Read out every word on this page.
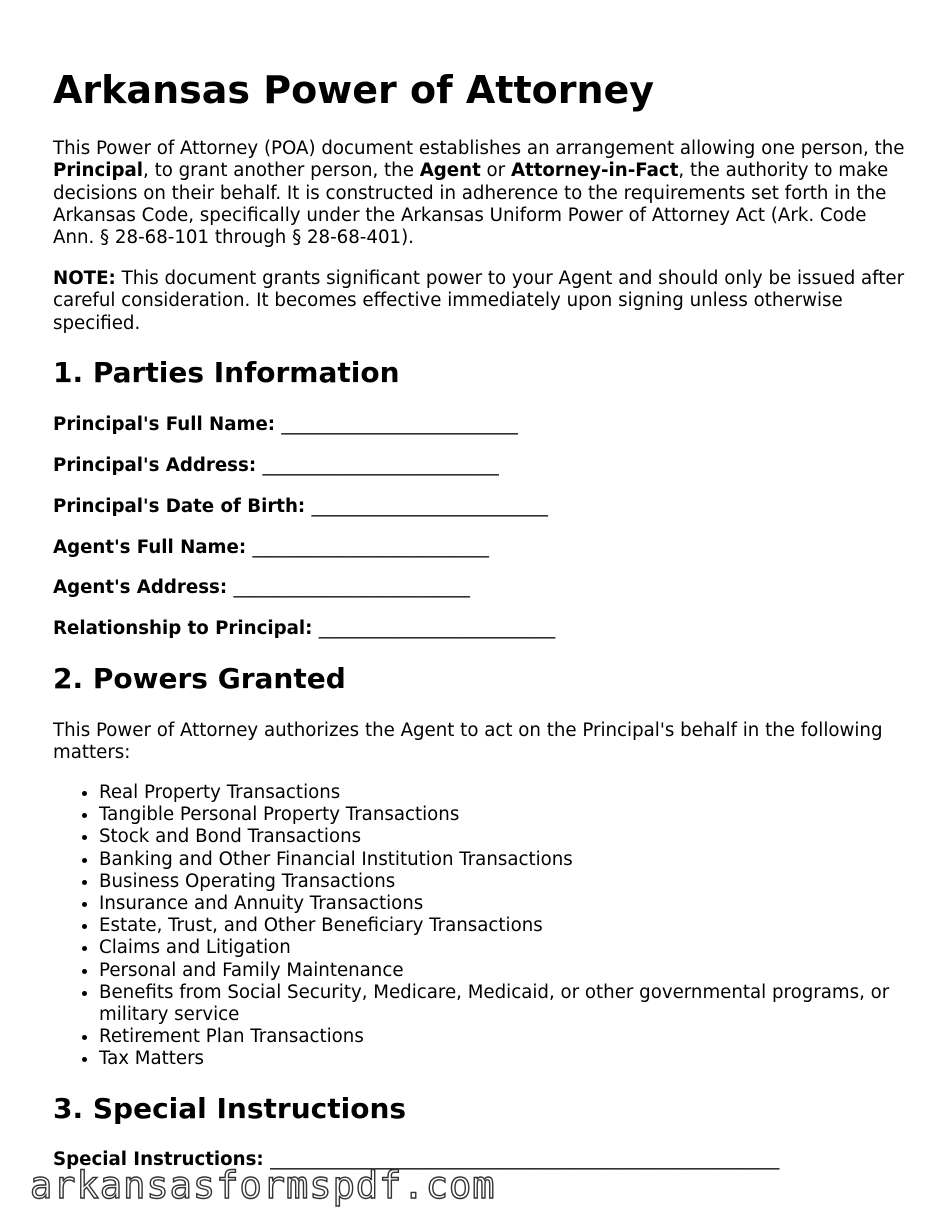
Arkansas Power of Attorney

This Power of Attorney (POA) document establishes an arrangement allowing one person, the Principal, to grant another person, the Agent or Attorney-in-Fact, the authority to make decisions on their behalf. It is constructed in adherence to the requirements set forth in the Arkansas Code, specifically under the Arkansas Uniform Power of Attorney Act (Ark. Code Ann. § 28-68-101 through § 28-68-401).

NOTE: This document grants significant power to your Agent and should only be issued after careful consideration. It becomes effective immediately upon signing unless otherwise specified.

1. Parties Information

Principal's Full Name: __________________________

Principal's Address: __________________________

Principal's Date of Birth: __________________________

Agent's Full Name: __________________________

Agent's Address: __________________________

Relationship to Principal: __________________________

2. Powers Granted

This Power of Attorney authorizes the Agent to act on the Principal's behalf in the following matters:

• Real Property Transactions
• Tangible Personal Property Transactions
• Stock and Bond Transactions
• Banking and Other Financial Institution Transactions
• Business Operating Transactions
• Insurance and Annuity Transactions
• Estate, Trust, and Other Beneficiary Transactions
• Claims and Litigation
• Personal and Family Maintenance
• Benefits from Social Security, Medicare, Medicaid, or other governmental programs, or military service
• Retirement Plan Transactions
• Tax Matters
3. Special Instructions

Special Instructions: ________________________________________________________

arkansasformspdf.com
